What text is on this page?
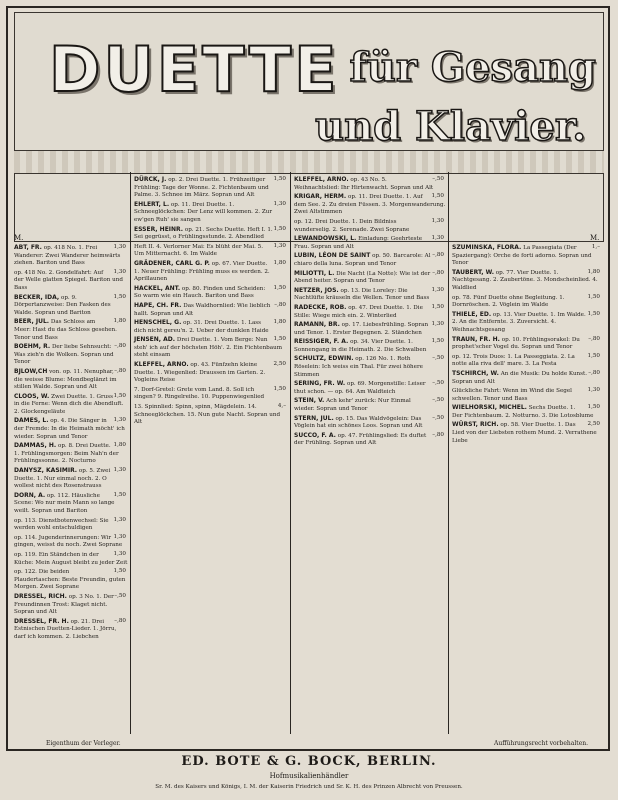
DUETTE für Gesang
und Klavier.
M.	M.
1,30
ABT, FR. op. 418 No. 1. Frei Wanderer: Zwei Wanderer heimwärts ziehen. Bariton und Bass
1,30
op. 418 No. 2. Gondelfahrt: Auf der Welle glatten Spiegel. Bariton und Bass
1,50
BECKER, IDA, op. 9. Dörpertanzweise: Den Fasken des Walde. Sopran und Bariton
1,80
BEER, JUL. Das Schloss am Meer: Hast du das Schloss gesehen. Tenor und Bass
–,80
BOEHM, R. Der liebe Sehnsucht: Was zieh'n die Wolken. Sopran und Tenor
–,80
BJLOW,CH von. op. 11. Nenuphar, die weisse Blume: Mondbeglänzt im stillen Walde. Sopran und Alt
1,50
CLOOS, W. Zwei Duette. 1. Gruss in die Ferne: Wenn dich die Abendluft. 2. Glockengeläute
1,30
DAMES, L. op. 4. Die Sänger in der Fremde: In die Heimath möcht' ich wieder. Sopran und Tenor
1,80
DAMMAS, H. op. 8. Drei Duette. 1. Frühlingsmorgen: Beim Nah'n der Frühlingssonne. 2. Nocturno
1,30
DANYSZ, KASIMIR. op. 5. Zwei Duette. 1. Nur einmal noch. 2. O wollest nicht des Rosenstrauss
1,50
DORN, A. op. 112. Häusliche Scene: Wo nur mein Mann so lange weilt. Sopran und Bariton
1,30
op. 113. Dienstbotenwechsel: Sie werden wohl entschuldigen
1,30
op. 114. Jugenderinnerungen: Wir gingen, weisst du noch. Zwei Soprane
1,30
op. 119. Ein Ständchen in der Küche: Mein August bleibt zu jeder Zeit
1,50
op. 122. Die beiden Plaudertaschen: Beste Freundin, guten Morgen. Zwei Soprane
–,50
DRESSEL, RICH. op. 3 No. 1. Der Freundinnen Trost: Klaget nicht. Sopran und Alt
–,80
DRESSEL, FR. H. op. 21. Drei Estnischen Duetten-Lieder. 1. Jörru, darf ich kommen. 2. Liebchen
1,50
DÜRCK, J. op. 2. Drei Duette. 1. Frühzeitiger Frühling: Tage der Wonne. 2. Fichtenbaum und Palme. 3. Schnee im März. Sopran und Alt
1,30
EHLERT, L. op. 11. Drei Duette. 1. Schneeglöckchen: Der Lenz will kommen. 2. Zur ew'gen Ruh' sie sangen
1,50
ESSER, HEINR. op. 21. Sechs Duette. Heft I. 1. Sei gegrüsst, o Frühlingsstunde. 2. Abendlied
1,30
Heft II. 4. Verlorner Mai: Es blüht der Mai. 5. Um Mitternacht. 6. Im Walde
1,80
GRÄDENER, CARL G. P. op. 67. Vier Duette. 1. Neuer Frühling: Frühling muss es werden. 2. Aprillaunen
1,50
HACKEL, ANT. op. 80. Finden und Scheiden: So warm wie ein Hauch. Bariton und Bass
–,80
HAPE, CH. FR. Das Waldhornlied: Wie lieblich hallt. Sopran und Alt
1,80
HENSCHEL, G. op. 31. Drei Duette. 1. Lass dich nicht gereu'n. 2. Ueber der dunklen Haide
1,50
JENSEN, AD. Drei Duette. 1. Vom Berge: Nun steh' ich auf der höchsten Höh'. 2. Ein Fichtenbaum steht einsam
2,50
KLEFFEL, ARNO. op. 43. Fünfzehn kleine Duette. 1. Wiegenlied: Draussen im Garten. 2. Vogleins Reise
1,50
7. Dorf-Gretel: Grete vom Land. 8. Soll ich singen? 9. Ringelreihe. 10. Puppenwiegenlied
4,–
13. Spinnlied: Spinn, spinn, Mägdelein. 14. Schneeglöckchen. 15. Nun gute Nacht. Sopran und Alt
–,50
KLEFFEL, ARNO. op. 43 No. 5. Weihnachtslied: Ihr Hirtenwacht. Sopran und Alt
1,50
KRIGAR, HERM. op. 11. Drei Duette. 1. Auf dem See. 2. Zu dreien Füssen. 3. Morgenwanderung. Zwei Altstimmen
1,30
op. 12. Drei Duette. 1. Dein Bildniss wunderselig. 2. Serenade. Zwei Soprane
1,30
LEWANDOWSKI, L. Einladung: Geehrteste Frau. Sopran und Alt
–,80
LUBIN, LÉON DE SAINT op. 50. Barcarole: Al chiaro della luna. Sopran und Tenor
–,80
MILIOTTI, L. Die Nacht (La Notte): Wie ist der Abend heiter. Sopran und Tenor
1,30
NETZER, JOS. op. 13. Die Loreley: Die Nachtlüfte kräuseln die Wellen. Tenor und Bass
1,50
RADECKE, ROB. op. 47. Drei Duette. 1. Die Stille: Wiege mich ein. 2. Winterlied
1,30
RAMANN, BR. op. 17. Liebesfrühling. Sopran und Tenor. 1. Erster Begegnen. 2. Ständchen
1,50
REISSIGER, F. A. op. 34. Vier Duette. 1. Sonnengang in die Heimath. 2. Die Schwalben
–,50
SCHULTZ, EDWIN. op. 126 No. 1. Roth Röselein: Ich weiss ein Thal. Für zwei höhere Stimmen
–,50
SERING, FR. W. op. 69. Morgenstille: Leiser thut schon. — op. 64. Am Waldteich
–,50
STEIN, V. Ach kehr' zurück: Nur Einmal wieder. Sopran und Tenor
–,50
STERN, JUL. op. 15. Das Waldvögelein: Das Vöglein hat ein schönes Loos. Sopran und Alt
–,80
SUCCO, F. A. op. 47. Frühlingslied: Es duftet der Frühling. Sopran und Alt
1,–
SZUMINSKA, FLORA. La Passegiata (Der Spaziergang): Orche de forti adorno. Sopran und Tenor
1,80
TAUBERT, W. op. 77. Vier Duette. 1. Nachtgesang. 2. Zaubertöne. 3. Mondscheinlied. 4. Waldlied
1,50
op. 78. Fünf Duette ohne Begleitung. 1. Dornröschen. 2. Vöglein im Walde
1,50
THIELE, ED. op. 13. Vier Duette. 1. Im Walde. 2. An die Entfernte. 3. Zuversicht. 4. Weihnachtsgesang
–,80
TRAUN, FR. H. op. 10. Frühlingsorakel: Du prophet'scher Vogel du. Sopran und Tenor
1,50
op. 12. Trois Duos: 1. La Passeggiata. 2. La notte alla riva dell' mare. 3. La Festa
–,80
TSCHIRCH, W. An die Musik: Du holde Kunst. Sopran und Alt
1,30
Glückliche Fahrt: Wenn im Wind die Segel schwellen. Tenor und Bass
1,50
WIELHORSKI, MICHEL. Sechs Duette. 1. Der Fichtenbaum. 2. Notturno. 3. Die Lotosblume
2,50
WÜRST, RICH. op. 58. Vier Duette. 1. Das Lied von der Liebsten rothem Mund. 2. Verrathene Liebe
Eigenthum der Verleger.	Aufführungsrecht vorbehalten.
ED. BOTE & G. BOCK, BERLIN.
Hofmusikalienhändler
Sr. M. des Kaisers und Königs, I. M. der Kaiserin Friedrich und Sr. K. H. des Prinzen Albrecht von Preussen.
